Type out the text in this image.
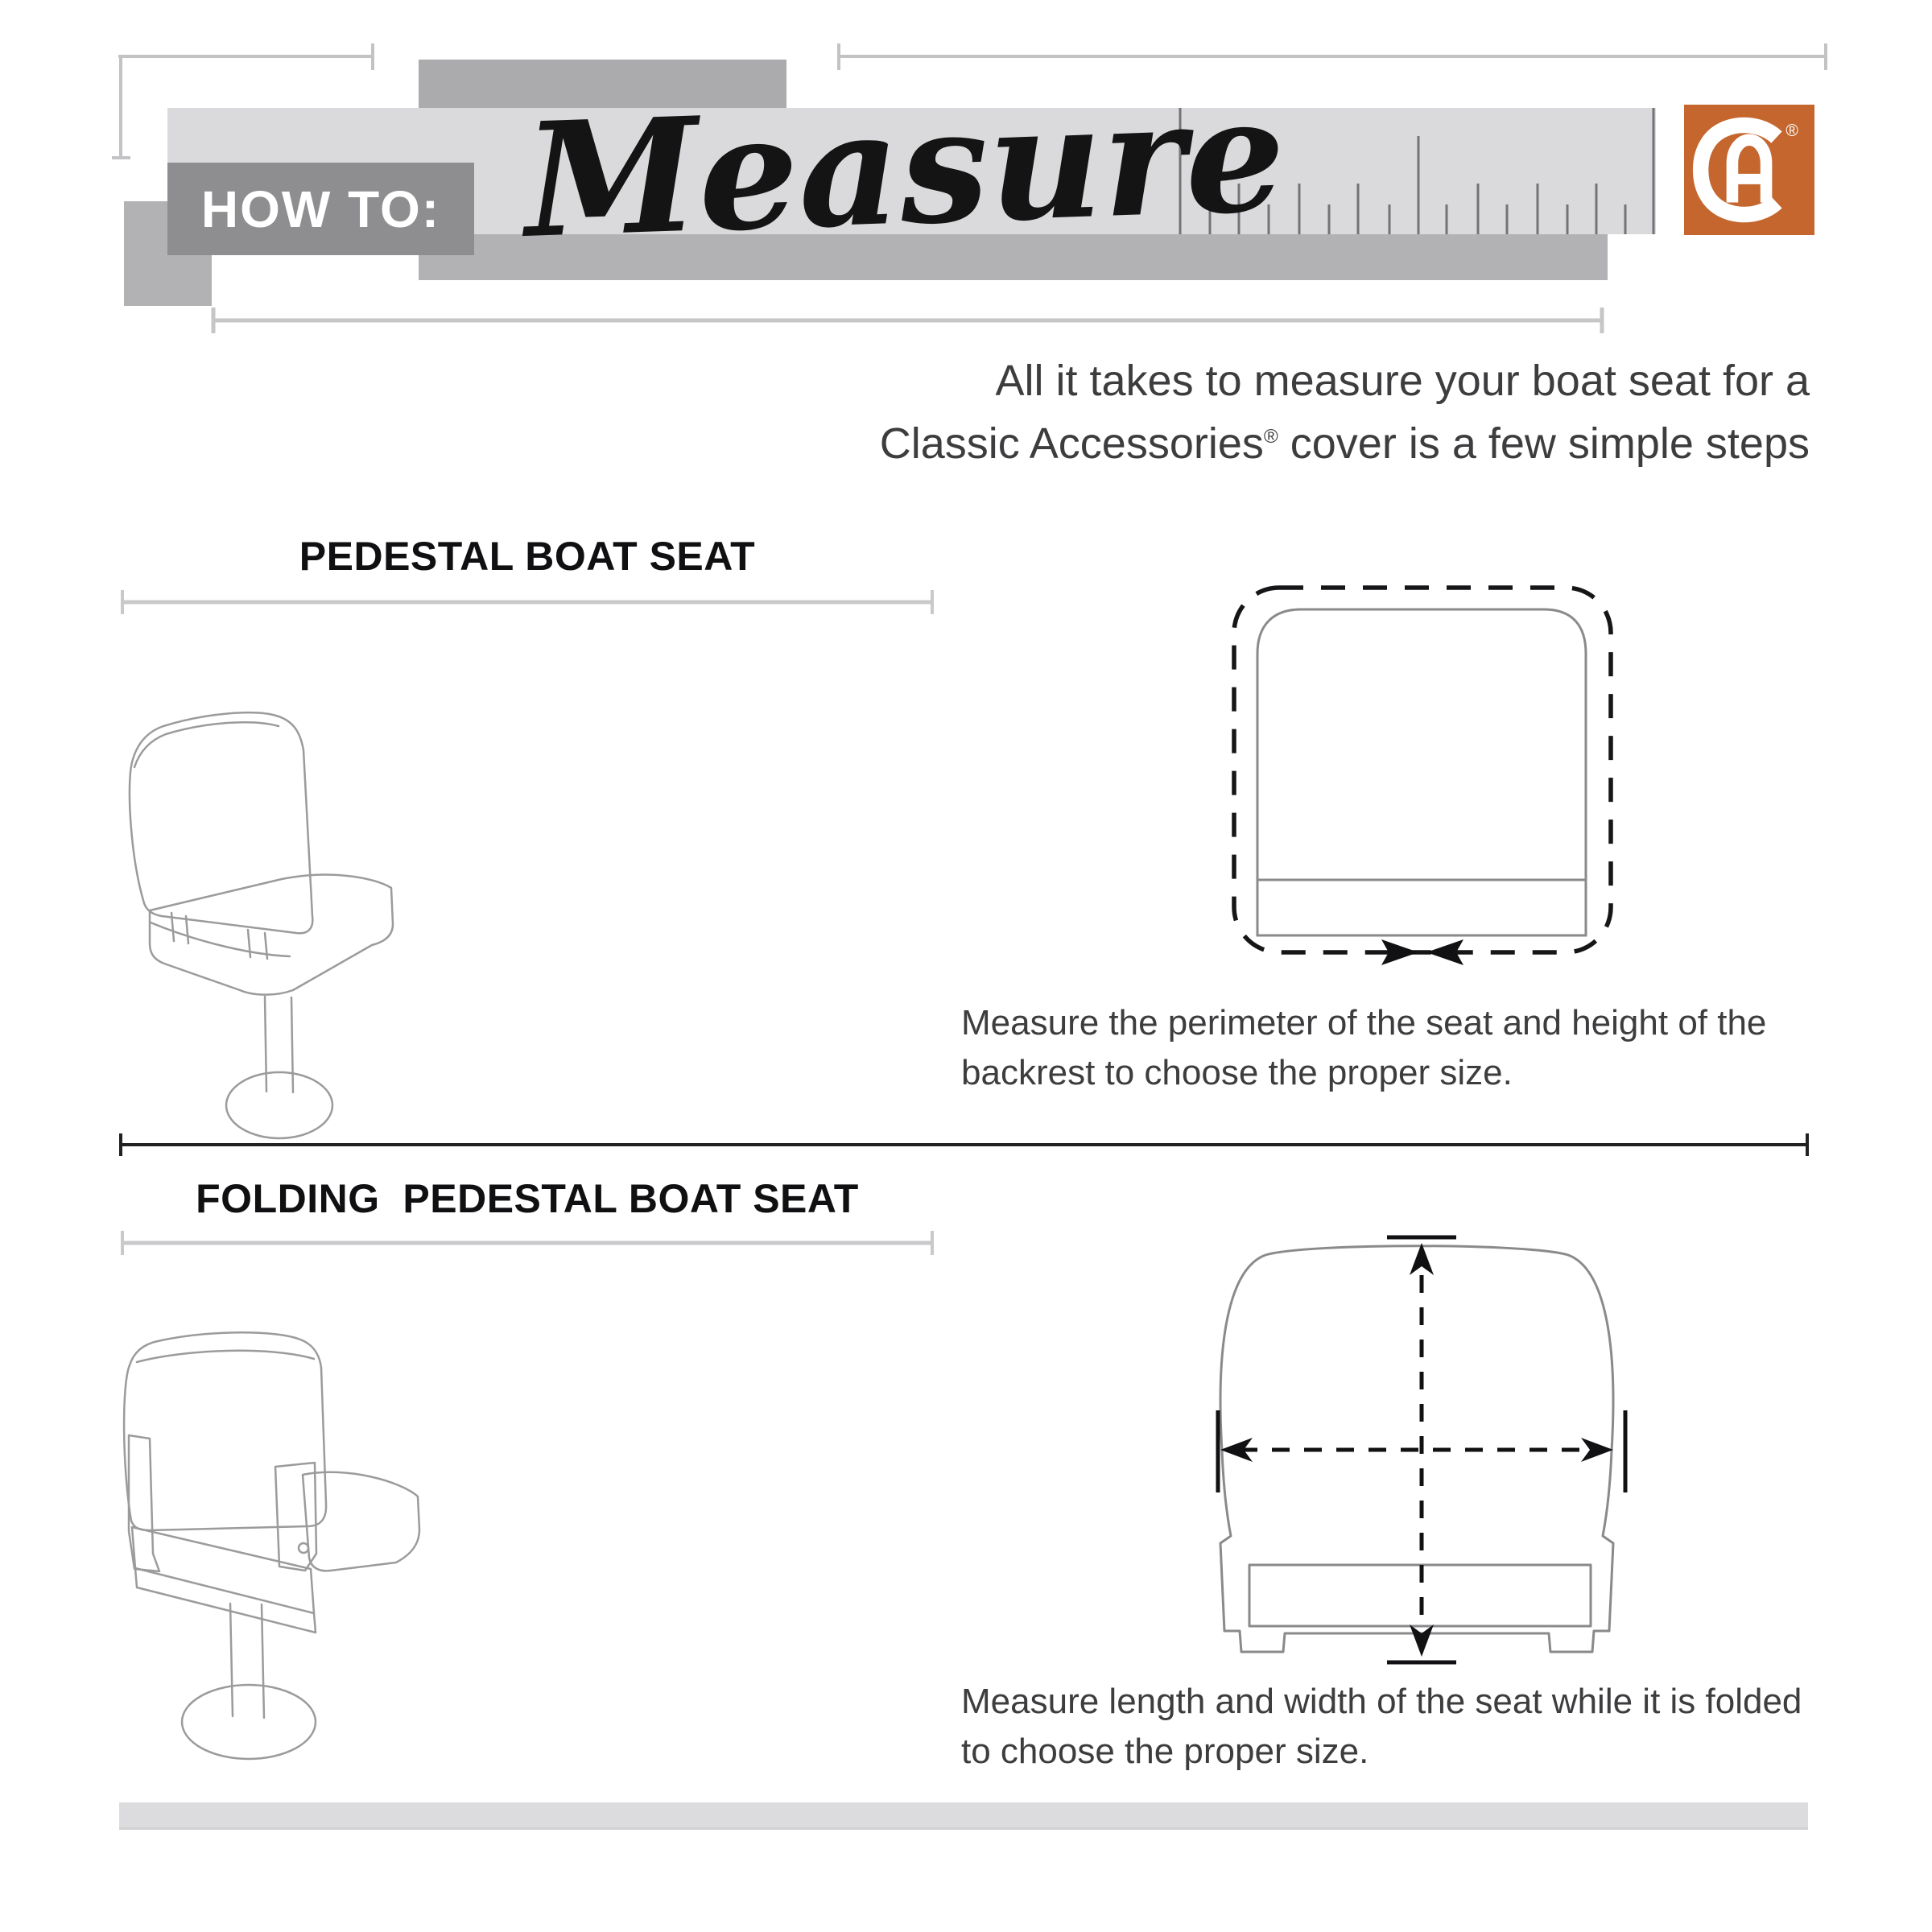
HOW TO: Measure	®
All it takes to measure your boat seat for a
Classic Accessories® cover is a few simple steps
PEDESTAL BOAT SEAT
Measure the perimeter of the seat and height of the
backrest to choose the proper size.
FOLDING  PEDESTAL BOAT SEAT
Measure length and width of the seat while it is folded
to choose the proper size.
